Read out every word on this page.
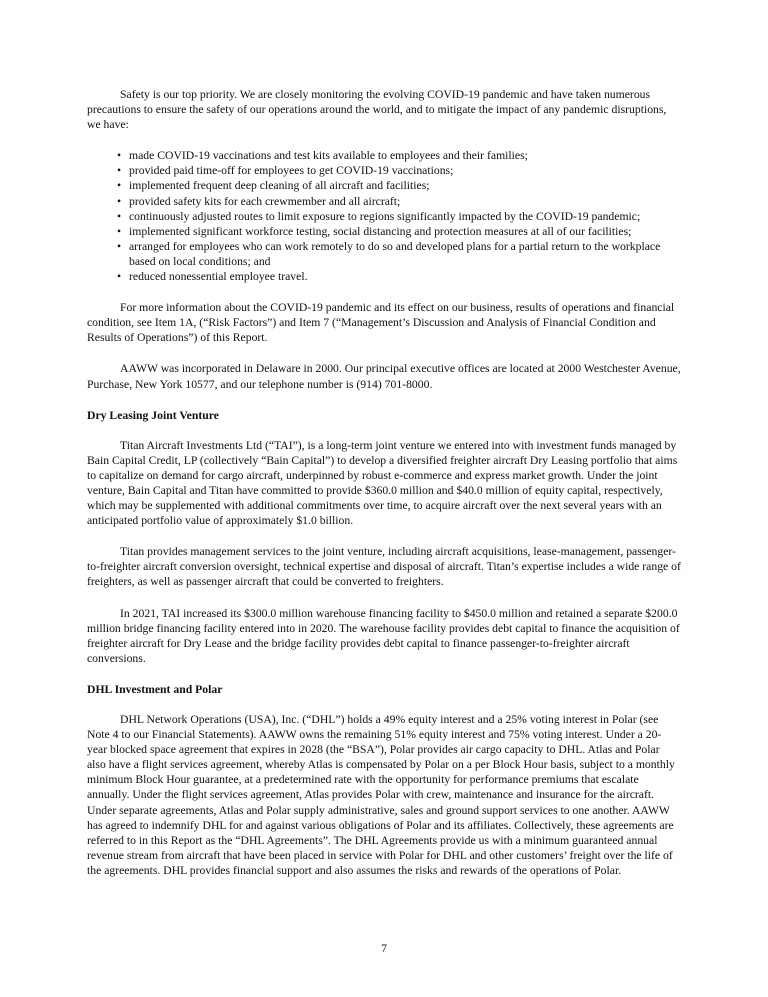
Safety is our top priority. We are closely monitoring the evolving COVID-19 pandemic and have taken numerous precautions to ensure the safety of our operations around the world, and to mitigate the impact of any pandemic disruptions, we have:

• made COVID-19 vaccinations and test kits available to employees and their families;
• provided paid time-off for employees to get COVID-19 vaccinations;
• implemented frequent deep cleaning of all aircraft and facilities;
• provided safety kits for each crewmember and all aircraft;
• continuously adjusted routes to limit exposure to regions significantly impacted by the COVID-19 pandemic;
• implemented significant workforce testing, social distancing and protection measures at all of our facilities;
• arranged for employees who can work remotely to do so and developed plans for a partial return to the workplace based on local conditions; and
• reduced nonessential employee travel.

For more information about the COVID-19 pandemic and its effect on our business, results of operations and financial condition, see Item 1A, (“Risk Factors”) and Item 7 (“Management’s Discussion and Analysis of Financial Condition and Results of Operations”) of this Report.

AAWW was incorporated in Delaware in 2000. Our principal executive offices are located at 2000 Westchester Avenue, Purchase, New York 10577, and our telephone number is (914) 701-8000.

Dry Leasing Joint Venture

Titan Aircraft Investments Ltd (“TAI”), is a long-term joint venture we entered into with investment funds managed by Bain Capital Credit, LP (collectively “Bain Capital”) to develop a diversified freighter aircraft Dry Leasing portfolio that aims to capitalize on demand for cargo aircraft, underpinned by robust e-commerce and express market growth. Under the joint venture, Bain Capital and Titan have committed to provide $360.0 million and $40.0 million of equity capital, respectively, which may be supplemented with additional commitments over time, to acquire aircraft over the next several years with an anticipated portfolio value of approximately $1.0 billion.

Titan provides management services to the joint venture, including aircraft acquisitions, lease-management, passenger-to-freighter aircraft conversion oversight, technical expertise and disposal of aircraft. Titan’s expertise includes a wide range of freighters, as well as passenger aircraft that could be converted to freighters.

In 2021, TAI increased its $300.0 million warehouse financing facility to $450.0 million and retained a separate $200.0 million bridge financing facility entered into in 2020. The warehouse facility provides debt capital to finance the acquisition of freighter aircraft for Dry Lease and the bridge facility provides debt capital to finance passenger-to-freighter aircraft conversions.

DHL Investment and Polar

DHL Network Operations (USA), Inc. (“DHL”) holds a 49% equity interest and a 25% voting interest in Polar (see Note 4 to our Financial Statements). AAWW owns the remaining 51% equity interest and 75% voting interest. Under a 20-year blocked space agreement that expires in 2028 (the “BSA”), Polar provides air cargo capacity to DHL. Atlas and Polar also have a flight services agreement, whereby Atlas is compensated by Polar on a per Block Hour basis, subject to a monthly minimum Block Hour guarantee, at a predetermined rate with the opportunity for performance premiums that escalate annually. Under the flight services agreement, Atlas provides Polar with crew, maintenance and insurance for the aircraft. Under separate agreements, Atlas and Polar supply administrative, sales and ground support services to one another. AAWW has agreed to indemnify DHL for and against various obligations of Polar and its affiliates. Collectively, these agreements are referred to in this Report as the “DHL Agreements”. The DHL Agreements provide us with a minimum guaranteed annual revenue stream from aircraft that have been placed in service with Polar for DHL and other customers’ freight over the life of the agreements. DHL provides financial support and also assumes the risks and rewards of the operations of Polar.

7
